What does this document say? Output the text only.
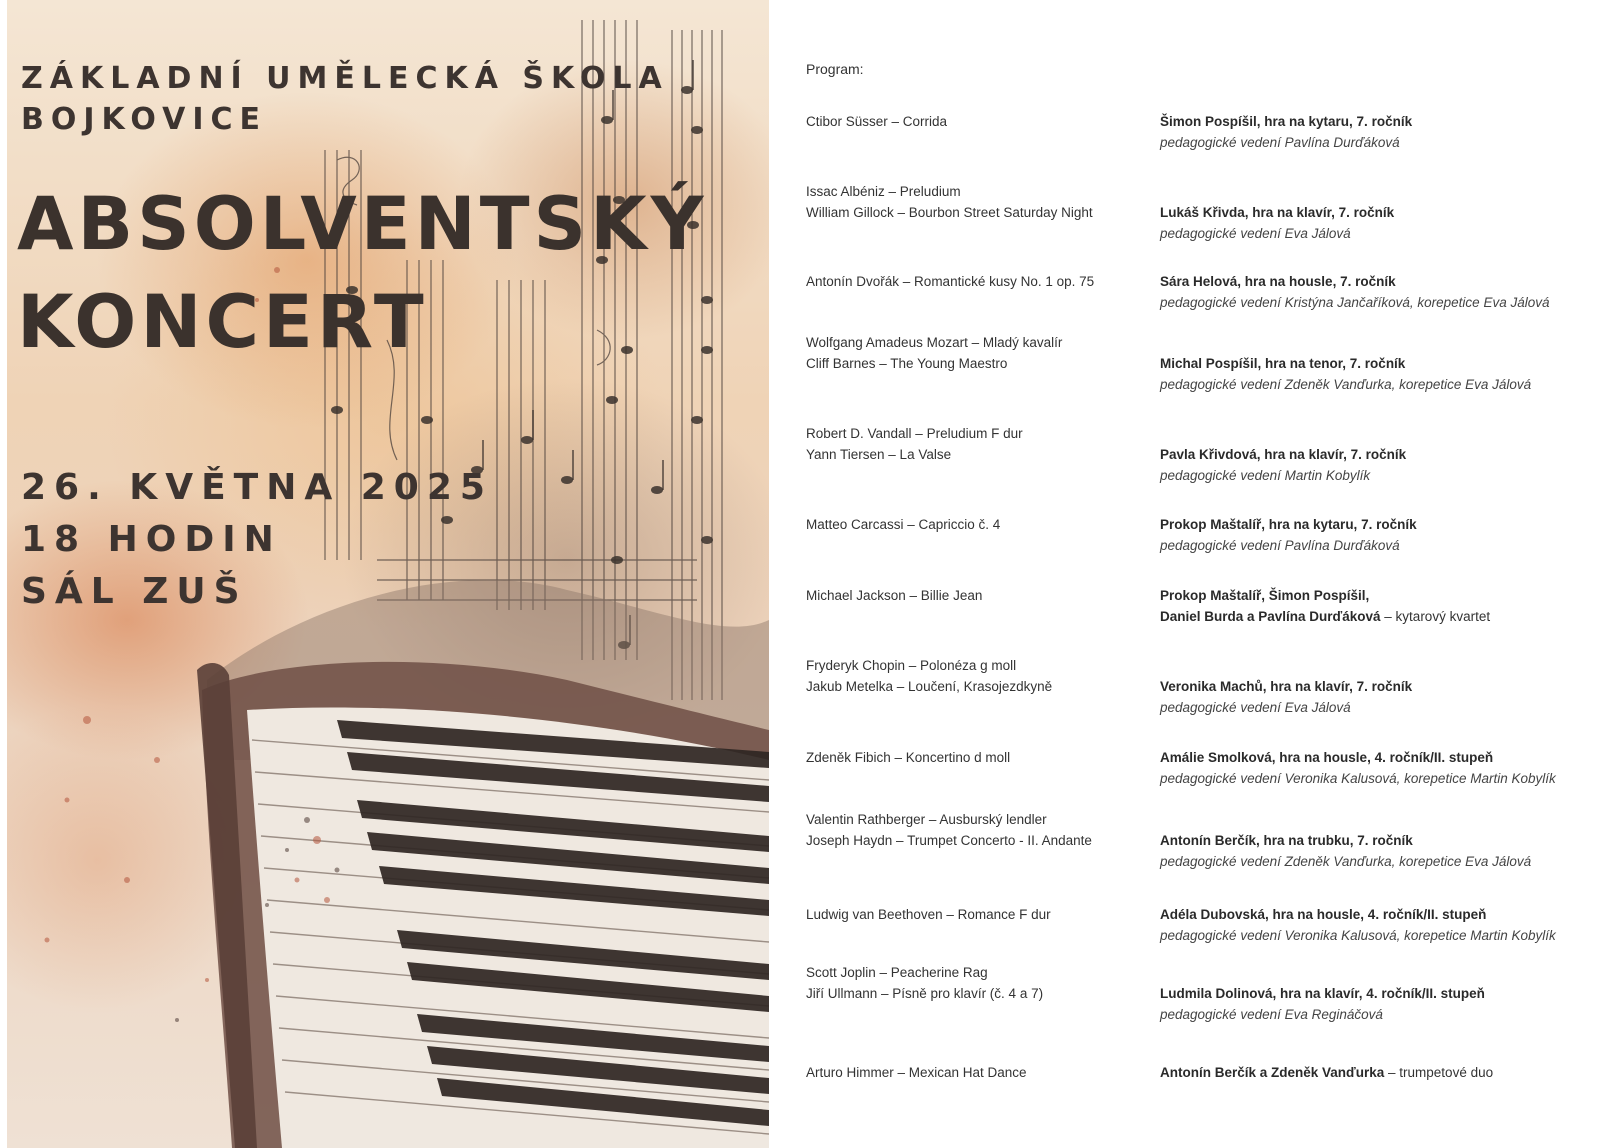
ZÁKLADNÍ UMĚLECKÁ ŠKOLA
BOJKOVICE
ABSOLVENTSKÝ
KONCERT
26. KVĚTNA 2025
18 HODIN
SÁL ZUŠ
Program:
Ctibor Süsser – Corrida	Šimon Pospíšil, hra na kytaru, 7. ročník
pedagogické vedení Pavlína Durďáková
Issac Albéniz – Preludium
William Gillock – Bourbon Street Saturday Night	Lukáš Křivda, hra na klavír, 7. ročník
pedagogické vedení Eva Jálová
Antonín Dvořák – Romantické kusy No. 1 op. 75	Sára Helová, hra na housle, 7. ročník
pedagogické vedení Kristýna Jančaříková, korepetice Eva Jálová
Wolfgang Amadeus Mozart – Mladý kavalír
Cliff Barnes – The Young Maestro	Michal Pospíšil, hra na tenor, 7. ročník
pedagogické vedení Zdeněk Vanďurka, korepetice Eva Jálová
Robert D. Vandall – Preludium F dur
Yann Tiersen – La Valse	Pavla Křivdová, hra na klavír, 7. ročník
pedagogické vedení Martin Kobylík
Matteo Carcassi – Capriccio č. 4	Prokop Maštalíř, hra na kytaru, 7. ročník
pedagogické vedení Pavlína Durďáková
Michael Jackson – Billie Jean	Prokop Maštalíř, Šimon Pospíšil,
Daniel Burda a Pavlína Durďáková – kytarový kvartet
Fryderyk Chopin – Polonéza g moll
Jakub Metelka – Loučení, Krasojezdkyně	Veronika Machů, hra na klavír, 7. ročník
pedagogické vedení Eva Jálová
Zdeněk Fibich – Koncertino d moll	Amálie Smolková, hra na housle, 4. ročník/II. stupeň
pedagogické vedení Veronika Kalusová, korepetice Martin Kobylík
Valentin Rathberger – Ausburský lendler
Joseph Haydn – Trumpet Concerto - II. Andante	Antonín Berčík, hra na trubku, 7. ročník
pedagogické vedení Zdeněk Vanďurka, korepetice Eva Jálová
Ludwig van Beethoven – Romance F dur	Adéla Dubovská, hra na housle, 4. ročník/II. stupeň
pedagogické vedení Veronika Kalusová, korepetice Martin Kobylík
Scott Joplin – Peacherine Rag
Jiří Ullmann – Písně pro klavír (č. 4 a 7)	Ludmila Dolinová, hra na klavír, 4. ročník/II. stupeň
pedagogické vedení Eva Regináčová
Arturo Himmer – Mexican Hat Dance	Antonín Berčík a Zdeněk Vanďurka – trumpetové duo
